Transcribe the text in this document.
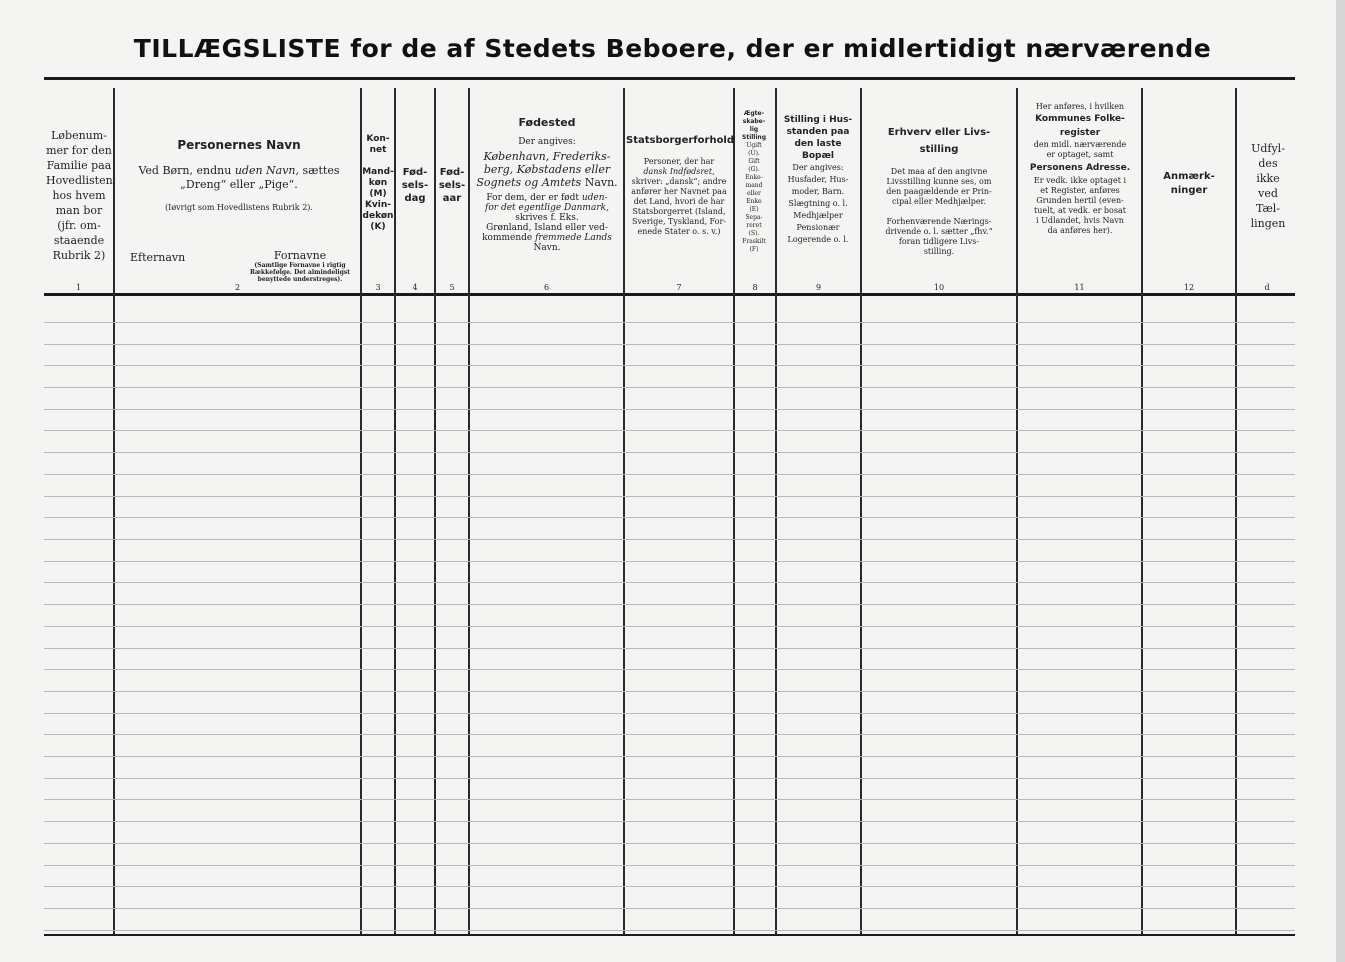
TILLÆGSLISTE for de af Stedets Beboere, der er midlertidigt nærværende
Løbenum-
mer for den
Familie paa
Hovedlisten,
hos hvem
man bor
(jfr. om-
staaende
Rubrik 2)
1
Personernes Navn
Ved Børn, endnu uden Navn, sættes
„Dreng“ eller „Pige“.
(Iøvrigt som Hovedlistens Rubrik 2).
Efternavn	Fornavne
(Samtlige Fornavne i rigtig Rækkefølge. Det almindeligst benyttede understreges).
2
Kon-
net

Mand-
køn
(M)
Kvin-
dekøn
(K)
3
Fød-
sels-
dag
4
Fød-
sels-
aar
5
Fødested
Der angives:
København, Frederiks-
berg, Købstadens eller
Sognets og Amtets Navn.
For dem, der er født uden-
for det egentlige Danmark,
skrives f. Eks.
Grønland, Island eller ved-
kommende fremmede Lands
Navn.
6
Statsborgerforhold
Personer, der har
dansk Indfødsret,
skriver: „dansk“; andre
anfører her Navnet paa
det Land, hvori de har
Statsborgerret (Island,
Sverige, Tyskland, For-
enede Stater o. s. v.)
7
Ægte-
skabe-
lig
Stilling
Ugift
(U).
Gift
(G).
Enke-
mand
eller
Enke
(E)
Sepa-
reret
(S).
Fraskilt
(F)
8
Stilling i Hus-
standen paa
den laste
Bopæl
Der angives:
Husfader, Hus-
moder, Barn.
Slægtning o. l.
Medhjælper
Pensionær
Logerende o. l.
9
Erhverv eller Livs-
stilling
Det maa af den angivne
Livsstilling kunne ses, om
den paagældende er Prin-
cipal eller Medhjælper.

Forhenværende Nærings-
drivende o. l. sætter „fhv.“
foran tidligere Livs-
stilling.
10
Her anføres, i hvilken
Kommunes Folke-
register
den midl. nærværende
er optaget, samt
Personens Adresse.
Er vedk. ikke optaget i
et Register, anføres
Grunden hertil (even-
tuelt, at vedk. er bosat
i Udlandet, hvis Navn
da anføres her).
11
Anmærk-
ninger
12
Udfyl-
des
ikke
ved
Tæl-
lingen
d
